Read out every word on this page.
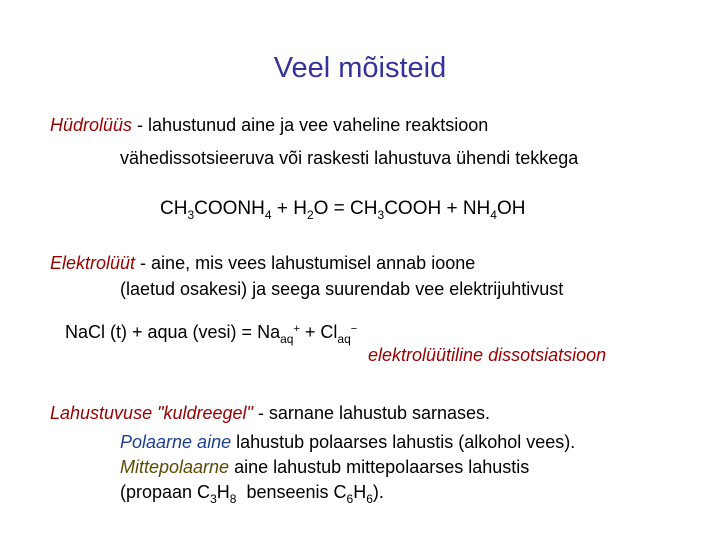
Veel mõisteid
Hüdrolüüs - lahustunud aine ja vee vaheline reaktsioon
vähedissotsieeruva või raskesti lahustuva ühendi tekkega
$CH_3COONH_4 + H_2O$ = $CH_3COOH + NH_4OH$
Elektrolüüt - aine, mis vees lahustumisel annab ioone
(laetud osakesi) ja seega suurendab vee elektrijuhtivust
NaCl (t) + aqua (vesi) = $Na_{aq}^+ + Cl_{aq}^-$
elektrolüütiline dissotsiatsioon
Lahustuvuse "kuldreegel" - sarnane lahustub sarnases.
Polaarne aine lahustub polaarses lahustis (alkohol vees).
Mittepolaarne aine lahustub mittepolaarses lahustis
(propaan $C_3H_8$  benseenis $C_6H_6$).
